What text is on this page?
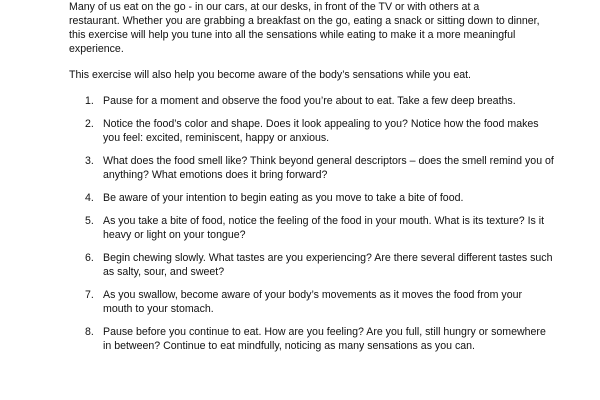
Many of us eat on the go - in our cars, at our desks, in front of the TV or with others at a
restaurant. Whether you are grabbing a breakfast on the go, eating a snack or sitting down to dinner,
this exercise will help you tune into all the sensations while eating to make it a more meaningful
experience.

This exercise will also help you become aware of the body’s sensations while you eat.

1. Pause for a moment and observe the food you’re about to eat. Take a few deep breaths.
2. Notice the food’s color and shape. Does it look appealing to you? Notice how the food makes
you feel: excited, reminiscent, happy or anxious.
3. What does the food smell like? Think beyond general descriptors – does the smell remind you of
anything? What emotions does it bring forward?
4. Be aware of your intention to begin eating as you move to take a bite of food.
5. As you take a bite of food, notice the feeling of the food in your mouth. What is its texture? Is it
heavy or light on your tongue?
6. Begin chewing slowly. What tastes are you experiencing? Are there several different tastes such
as salty, sour, and sweet?
7. As you swallow, become aware of your body’s movements as it moves the food from your
mouth to your stomach.
8. Pause before you continue to eat. How are you feeling? Are you full, still hungry or somewhere
in between? Continue to eat mindfully, noticing as many sensations as you can.
